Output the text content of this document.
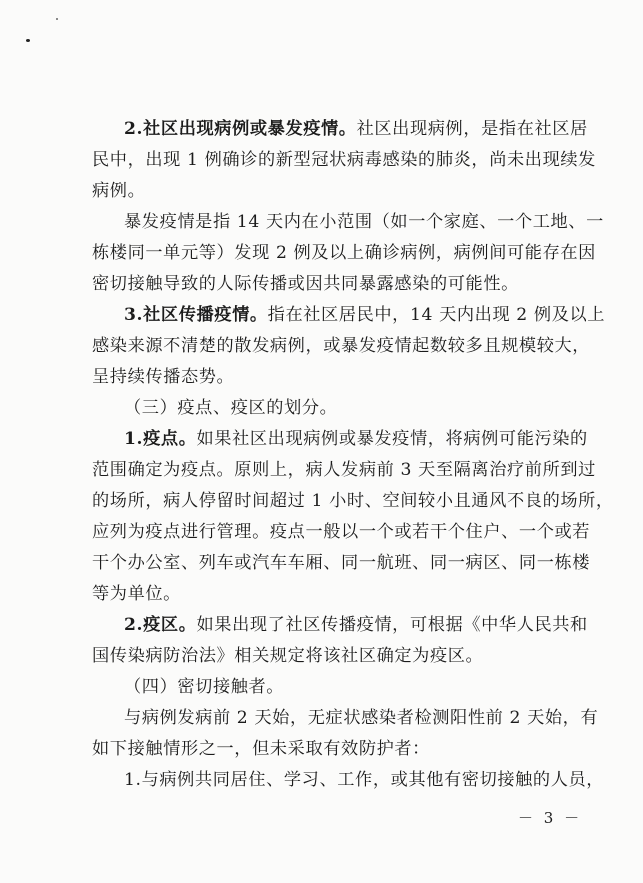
2.社区出现病例或暴发疫情。社区出现病例，是指在社区居
民中，出现 1 例确诊的新型冠状病毒感染的肺炎，尚未出现续发
病例。
暴发疫情是指 14 天内在小范围（如一个家庭、一个工地、一
栋楼同一单元等）发现 2 例及以上确诊病例，病例间可能存在因
密切接触导致的人际传播或因共同暴露感染的可能性。
3.社区传播疫情。指在社区居民中，14 天内出现 2 例及以上
感染来源不清楚的散发病例，或暴发疫情起数较多且规模较大，
呈持续传播态势。
（三）疫点、疫区的划分。
1.疫点。如果社区出现病例或暴发疫情，将病例可能污染的
范围确定为疫点。原则上，病人发病前 3 天至隔离治疗前所到过
的场所，病人停留时间超过 1 小时、空间较小且通风不良的场所，
应列为疫点进行管理。疫点一般以一个或若干个住户、一个或若
干个办公室、列车或汽车车厢、同一航班、同一病区、同一栋楼
等为单位。
2.疫区。如果出现了社区传播疫情，可根据《中华人民共和
国传染病防治法》相关规定将该社区确定为疫区。
（四）密切接触者。
与病例发病前 2 天始，无症状感染者检测阳性前 2 天始，有
如下接触情形之一，但未采取有效防护者：
1.与病例共同居住、学习、工作，或其他有密切接触的人员，
－ 3 －
